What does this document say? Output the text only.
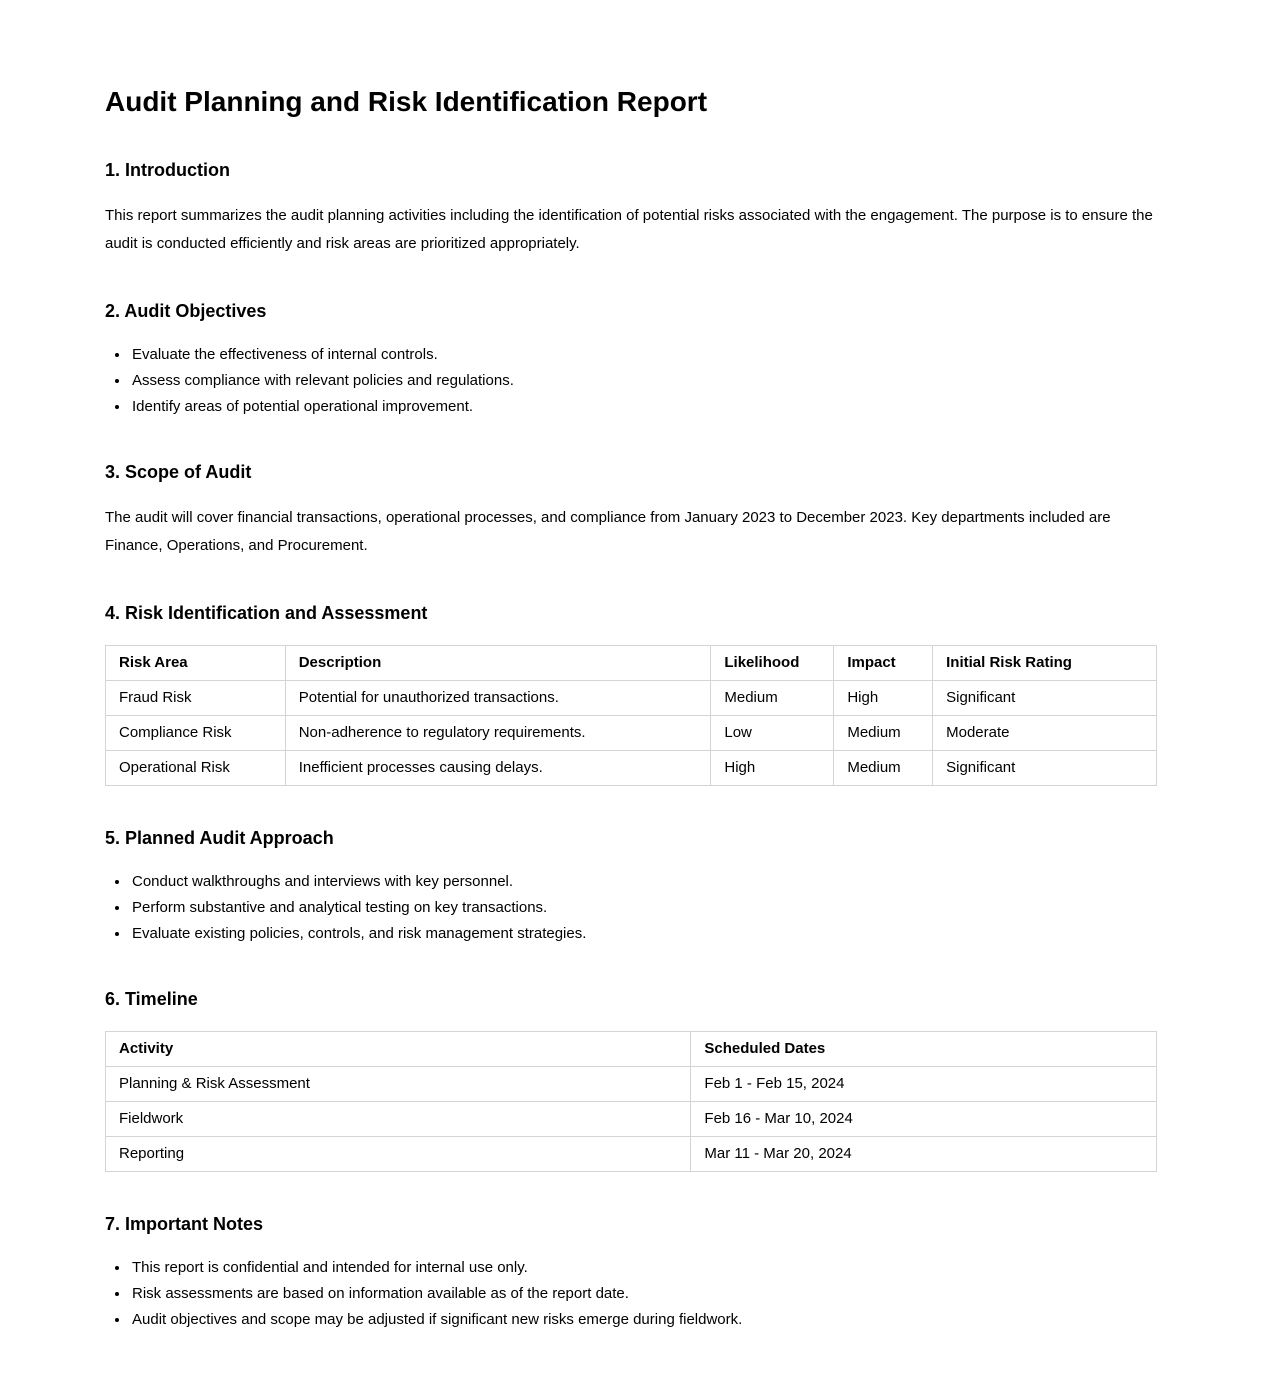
Audit Planning and Risk Identification Report
1. Introduction

This report summarizes the audit planning activities including the identification of potential risks associated with the engagement. The purpose is to ensure the audit is conducted efficiently and risk areas are prioritized appropriately.

2. Audit Objectives
• Evaluate the effectiveness of internal controls.
• Assess compliance with relevant policies and regulations.
• Identify areas of potential operational improvement.
3. Scope of Audit

The audit will cover financial transactions, operational processes, and compliance from January 2023 to December 2023. Key departments included are Finance, Operations, and Procurement.

4. Risk Identification and Assessment
Risk Area	Description	Likelihood	Impact	Initial Risk Rating
Fraud Risk	Potential for unauthorized transactions.	Medium	High	Significant
Compliance Risk	Non-adherence to regulatory requirements.	Low	Medium	Moderate
Operational Risk	Inefficient processes causing delays.	High	Medium	Significant
5. Planned Audit Approach
• Conduct walkthroughs and interviews with key personnel.
• Perform substantive and analytical testing on key transactions.
• Evaluate existing policies, controls, and risk management strategies.
6. Timeline
Activity	Scheduled Dates
Planning & Risk Assessment	Feb 1 - Feb 15, 2024
Fieldwork	Feb 16 - Mar 10, 2024
Reporting	Mar 11 - Mar 20, 2024
7. Important Notes
• This report is confidential and intended for internal use only.
• Risk assessments are based on information available as of the report date.
• Audit objectives and scope may be adjusted if significant new risks emerge during fieldwork.
